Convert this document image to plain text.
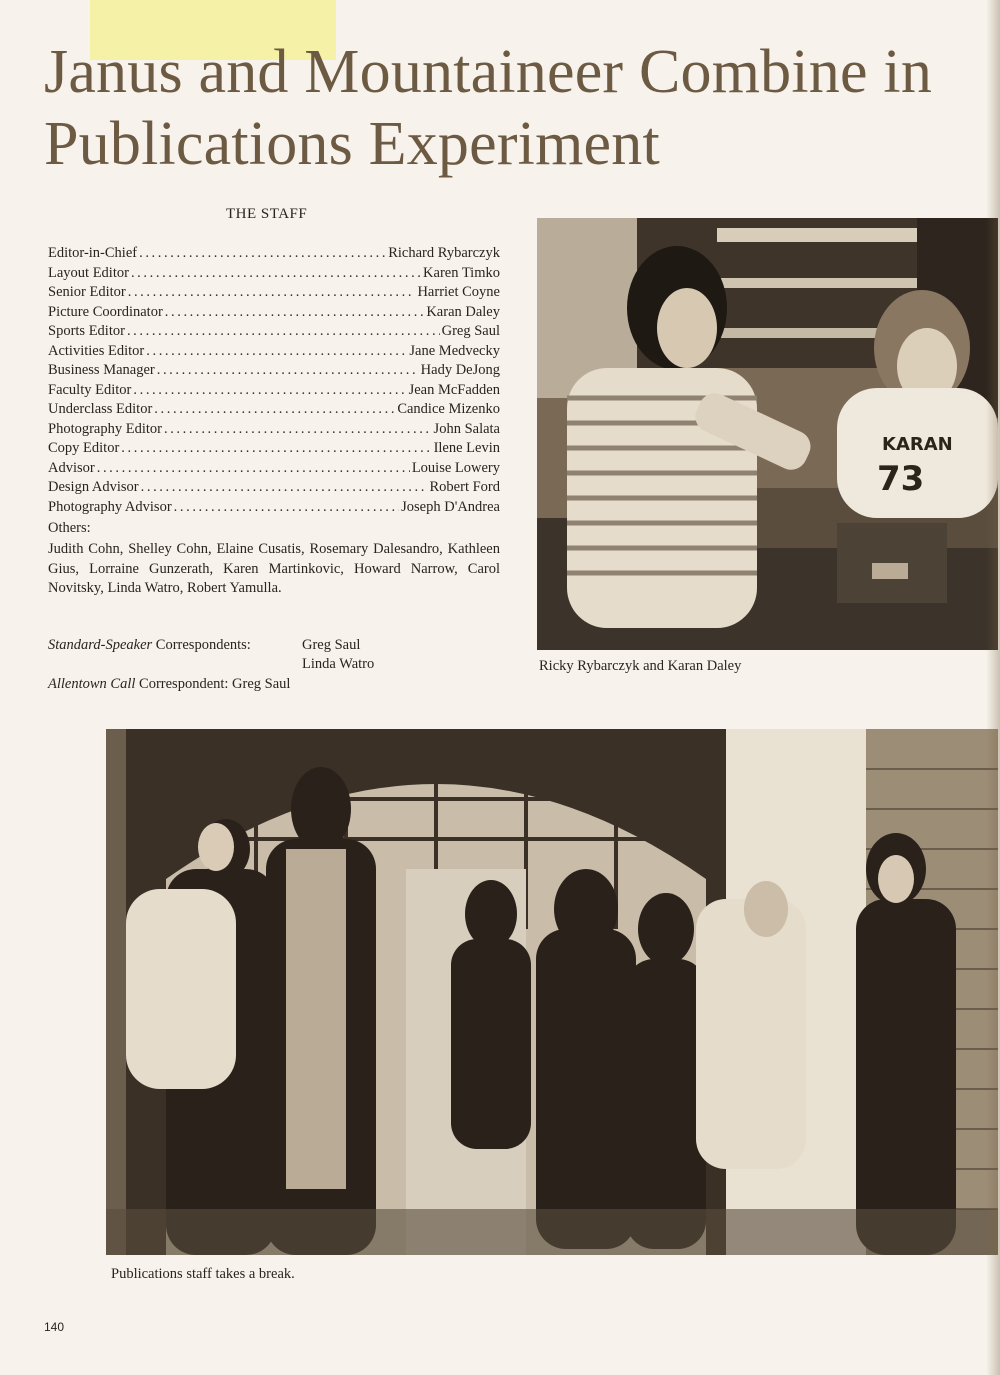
Janus and Mountaineer Combine in
Publications Experiment
THE STAFF
Editor-in-Chief .....	Richard Rybarczyk
Layout Editor .....	Karen Timko
Senior Editor .....	Harriet Coyne
Picture Coordinator .....	Karan Daley
Sports Editor .....	Greg Saul
Activities Editor .....	Jane Medvecky
Business Manager .....	Hady DeJong
Faculty Editor .....	Jean McFadden
Underclass Editor .....	Candice Mizenko
Photography Editor .....	John Salata
Copy Editor .....	Ilene Levin
Advisor .....	Louise Lowery
Design Advisor .....	Robert Ford
Photography Advisor .....	Joseph D'Andrea
Others:

Judith Cohn, Shelley Cohn, Elaine Cusatis, Rosemary Dalesandro, Kathleen Gius, Lorraine Gunzerath, Karen Martinkovic, Howard Narrow, Carol Novitsky, Linda Watro, Robert Yamulla.

Standard-Speaker Correspondents:	Greg Saul
Linda Watro
Allentown Call Correspondent: Greg Saul
KARAN
73
Ricky Rybarczyk and Karan Daley
Publications staff takes a break.
140
